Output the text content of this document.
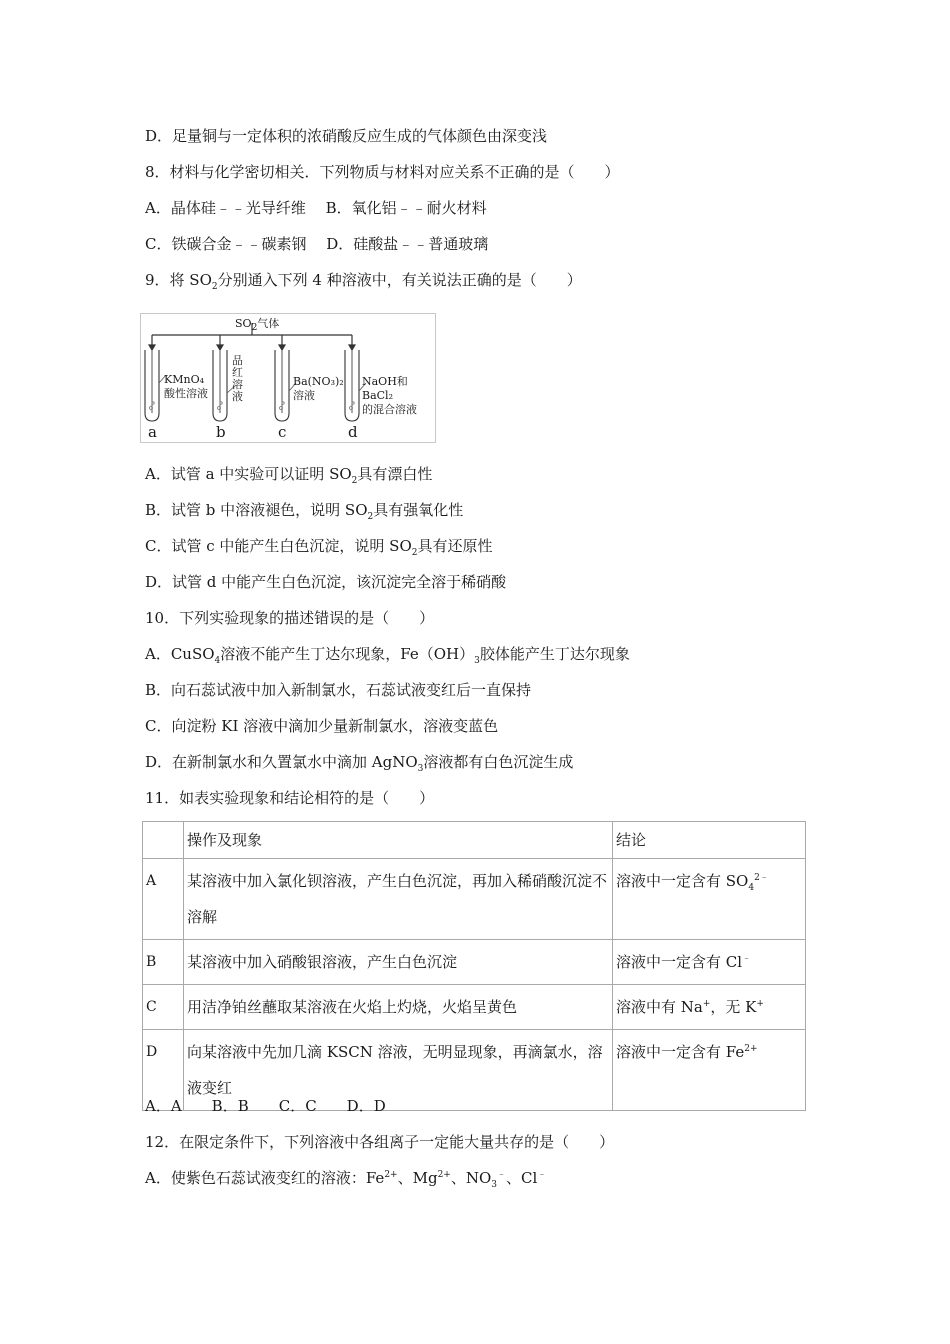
D．足量铜与一定体积的浓硝酸反应生成的气体颜色由深变浅
8．材料与化学密切相关．下列物质与材料对应关系不正确的是（　　）
A．晶体硅﹣﹣光导纤维　 B．氧化铝﹣﹣耐火材料
C．铁碳合金﹣﹣碳素钢　 D．硅酸盐﹣﹣普通玻璃
9．将 $SO_2$分别通入下列 4 种溶液中，有关说法正确的是（　　）
$SO_2$气体
KMnO₄
酸性溶液
品红溶液
Ba(NO₃)₂
溶液
NaOH和BaCl₂
的混合溶液
a	b	c	d
A．试管 a 中实验可以证明 $SO_2$具有漂白性
B．试管 b 中溶液褪色，说明 $SO_2$具有强氧化性
C．试管 c 中能产生白色沉淀，说明 $SO_2$具有还原性
D．试管 d 中能产生白色沉淀，该沉淀完全溶于稀硝酸
10．下列实验现象的描述错误的是（　　）
A．CuSO$_4$溶液不能产生丁达尔现象，$Fe(OH)_3$胶体能产生丁达尔现象
B．向石蕊试液中加入新制氯水，石蕊试液变红后一直保持
C．向淀粉 KI 溶液中滴加少量新制氯水，溶液变蓝色
D．在新制氯水和久置氯水中滴加 AgNO$_3$溶液都有白色沉淀生成
11．如表实验现象和结论相符的是（　　）
	操作及现象	结论
A	某溶液中加入氯化钡溶液，产生白色沉淀，再加入稀硝酸沉淀不溶解	溶液中一定含有 $SO_4^{2﹣}$
B	某溶液中加入硝酸银溶液，产生白色沉淀	溶液中一定含有 Cl﹣
C	用洁净铂丝蘸取某溶液在火焰上灼烧，火焰呈黄色	溶液中有 Na+，无 K+
D	向某溶液中先加几滴 KSCN 溶液，无明显现象，再滴氯水，溶液变红	溶液中一定含有 $Fe^{2+}$
A．A　　B．B　　C．C　　D．D
12．在限定条件下，下列溶液中各组离子一定能大量共存的是（　　）
A．使紫色石蕊试液变红的溶液：$Fe^{2+}$、$Mg^{2+}$、$NO_3^﹣$、Cl﹣
